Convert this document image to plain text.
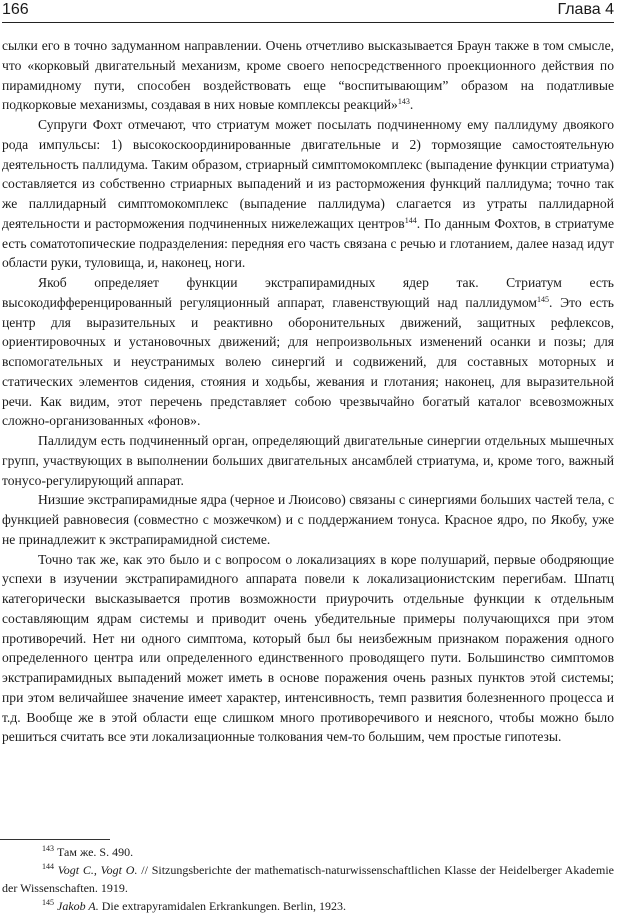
166	Глава 4

сылки его в точно задуманном направлении. Очень отчетливо высказывается Браун также в том смысле, что «корковый двигательный механизм, кроме своего непосредственного проекционного действия по пирамидному пути, способен воздействовать еще “воспитывающим” образом на податливые подкорковые механизмы, создавая в них новые комплексы реакций»$^{143}$.

Супруги Фохт отмечают, что стриатум может посылать подчиненному ему паллидуму двоякого рода импульсы: 1) высокоскоординированные двигательные и 2) тормозящие самостоятельную деятельность паллидума. Таким образом, стриарный симптомокомплекс (выпадение функции стриатума) составляется из собственно стриарных выпадений и из расторможения функций паллидума; точно так же паллидарный симптомокомплекс (выпадение паллидума) слагается из утраты паллидарной деятельности и расторможения подчиненных нижележащих центров$^{144}$. По данным Фохтов, в стриатуме есть соматотопические подразделения: передняя его часть связана с речью и глотанием, далее назад идут области руки, туловища, и, наконец, ноги.

Якоб определяет функции экстрапирамидных ядер так. Стриатум есть высокодифференцированный регуляционный аппарат, главенствующий над паллидумом$^{145}$. Это есть центр для выразительных и реактивно оборонительных движений, защитных рефлексов, ориентировочных и установочных движений; для непроизвольных изменений осанки и позы; для вспомогательных и неустранимых волею синергий и содвижений, для составных моторных и статических элементов сидения, стояния и ходьбы, жевания и глотания; наконец, для выразительной речи. Как видим, этот перечень представляет собою чрезвычайно богатый каталог всевозможных сложно-организованных «фонов».

Паллидум есть подчиненный орган, определяющий двигательные синергии отдельных мышечных групп, участвующих в выполнении больших двигательных ансамблей стриатума, и, кроме того, важный тонусо-регулирующий аппарат.

Низшие экстрапирамидные ядра (черное и Люисово) связаны с синергиями больших частей тела, с функцией равновесия (совместно с мозжечком) и с поддержанием тонуса. Красное ядро, по Якобу, уже не принадлежит к экстрапирамидной системе.

Точно так же, как это было и с вопросом о локализациях в коре полушарий, первые ободряющие успехи в изучении экстрапирамидного аппарата повели к локализационистским перегибам. Шпатц категорически высказывается против возможности приурочить отдельные функции к отдельным составляющим ядрам системы и приводит очень убедительные примеры получающихся при этом противоречий. Нет ни одного симптома, который был бы неизбежным признаком поражения одного определенного центра или определенного единственного проводящего пути. Большинство симптомов экстрапирамидных выпадений может иметь в основе поражения очень разных пунктов этой системы; при этом величайшее значение имеет характер, интенсивность, темп развития болезненного процесса и т.д. Вообще же в этой области еще слишком много противоречивого и неясного, чтобы можно было решиться считать все эти локализационные толкования чем-то большим, чем простые гипотезы.

$^{143}$ Там же. S. 490.

$^{144}$ Vogt C., Vogt O. // Sitzungsberichte der mathematisch-naturwissenschaftlichen Klasse der Heidelberger Akademie der Wissenschaften. 1919.

$^{145}$ Jakob A. Die extrapyramidalen Erkrankungen. Berlin, 1923.
